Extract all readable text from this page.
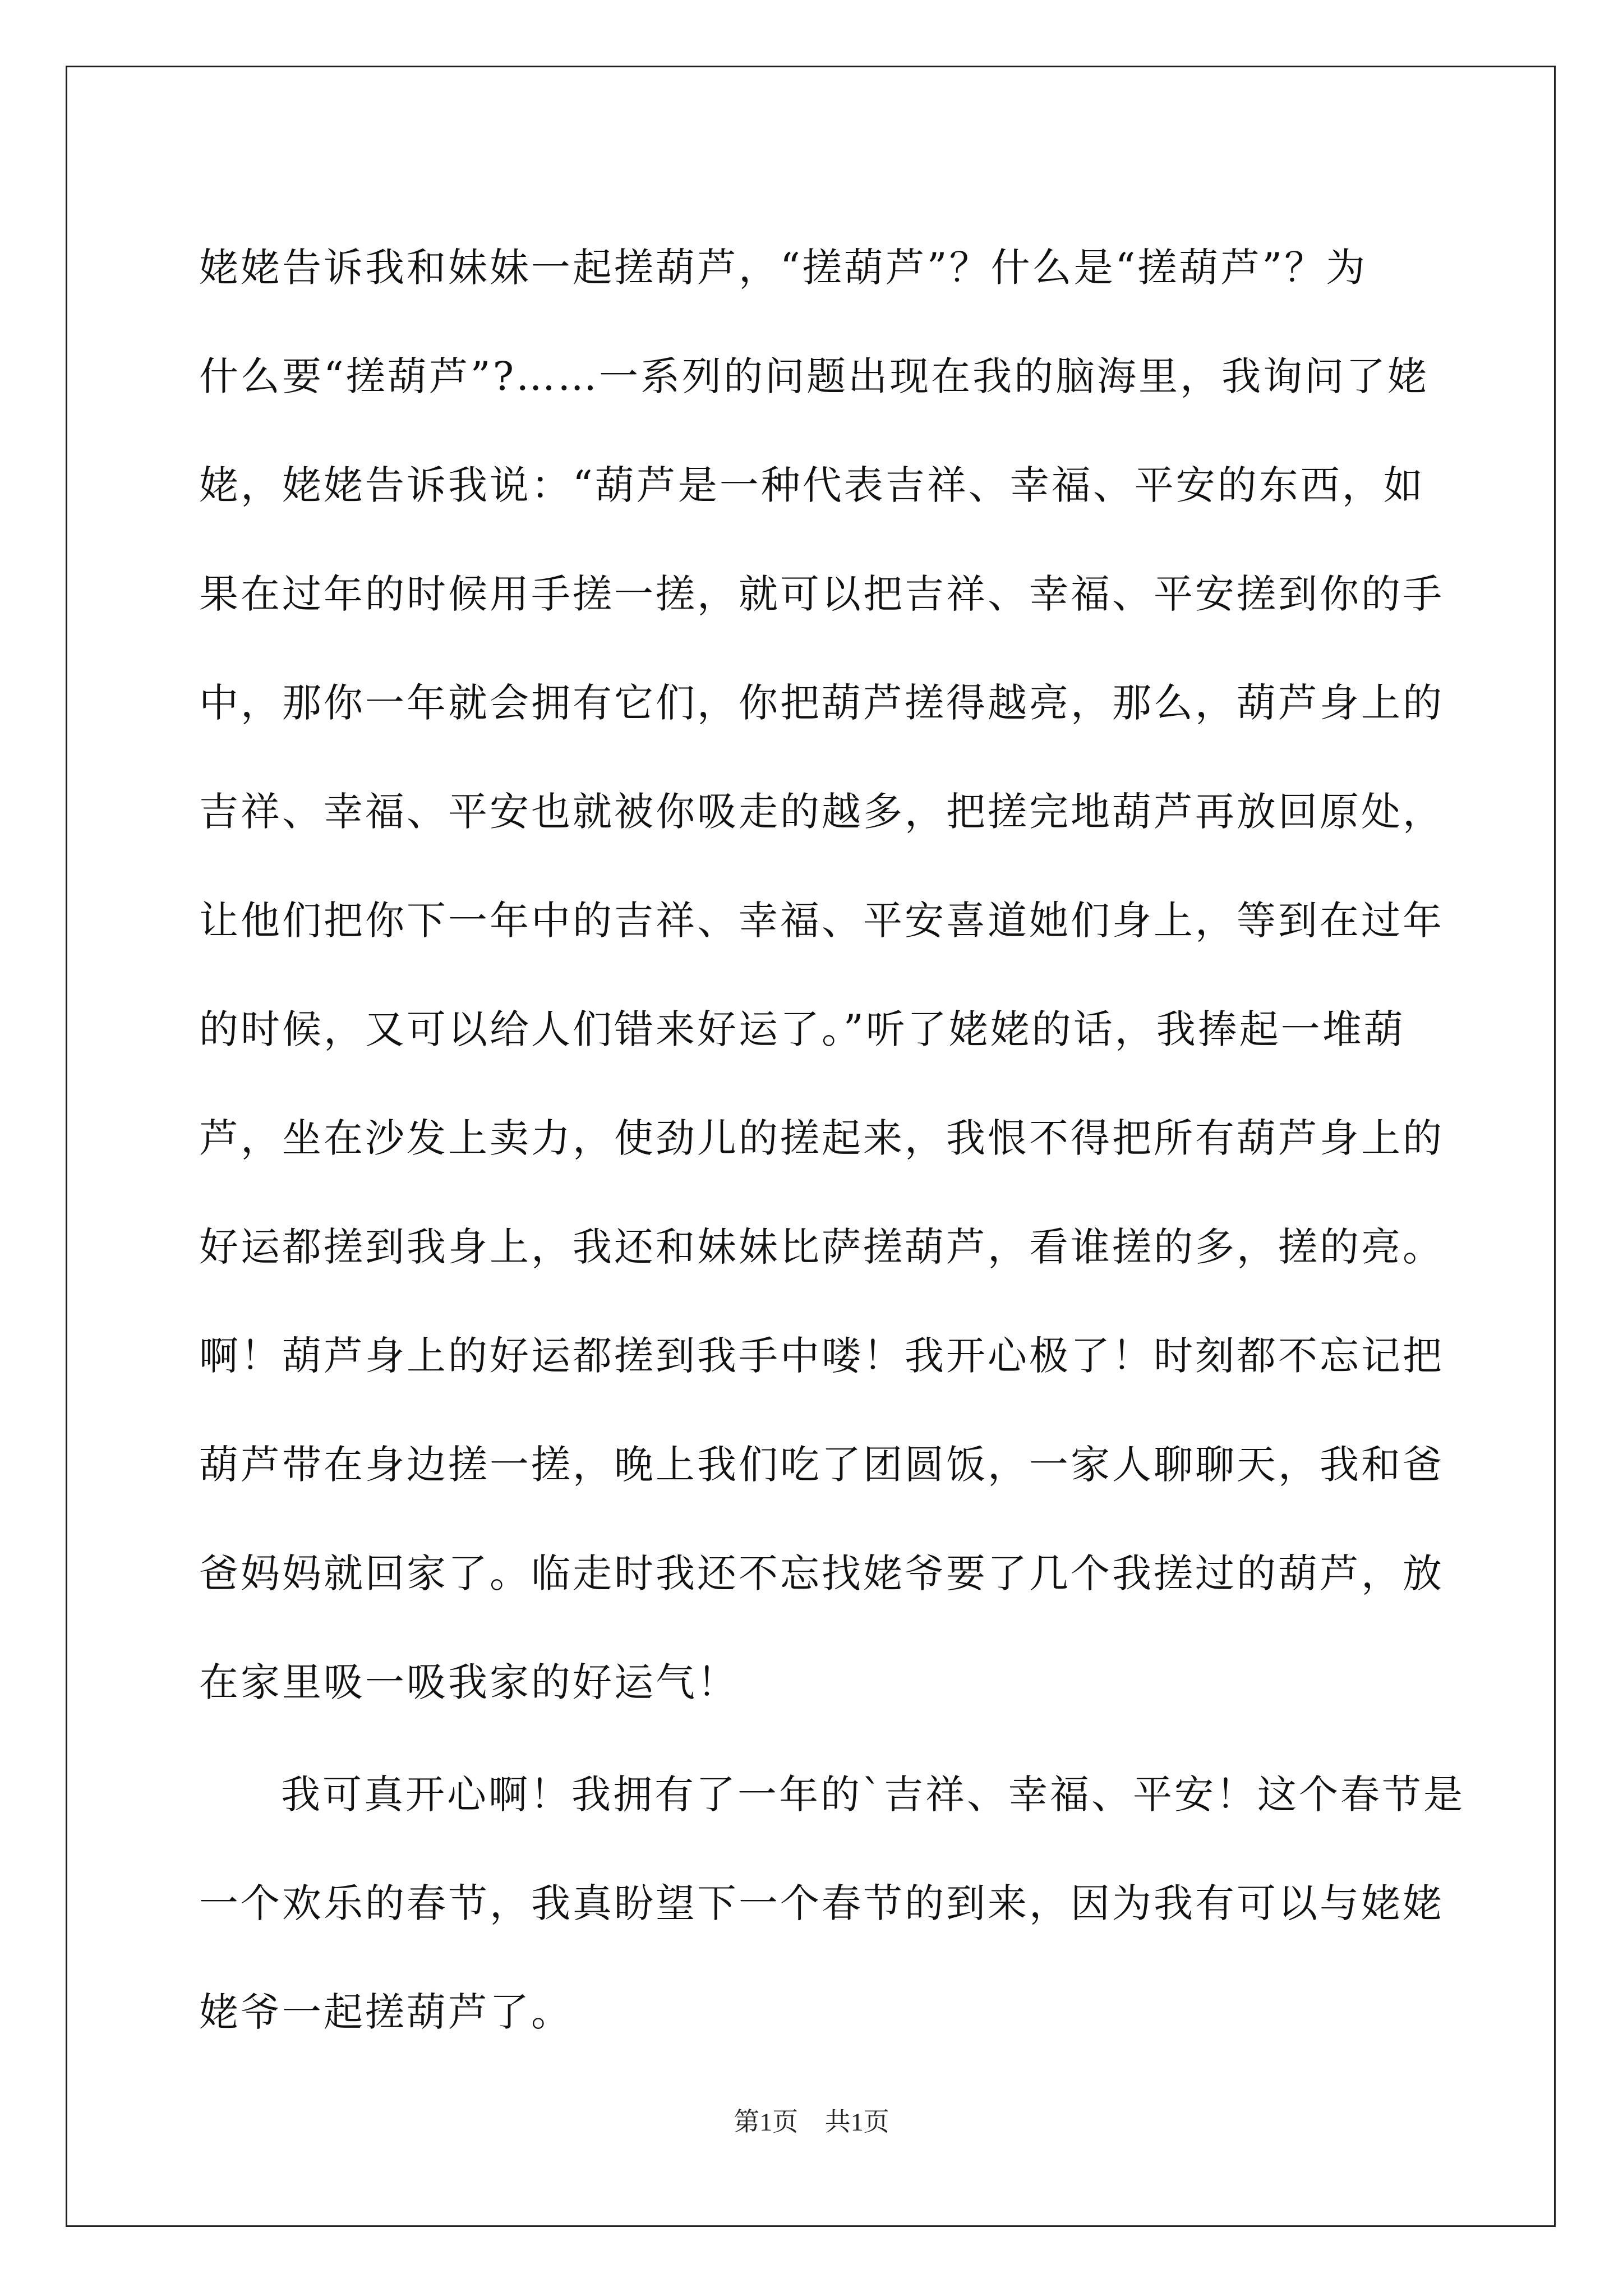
姥姥告诉我和妹妹一起搓葫芦，“搓葫芦”？什么是“搓葫芦”？为
什么要“搓葫芦”?……一系列的问题出现在我的脑海里，我询问了姥
姥，姥姥告诉我说：“葫芦是一种代表吉祥、幸福、平安的东西，如
果在过年的时候用手搓一搓，就可以把吉祥、幸福、平安搓到你的手
中，那你一年就会拥有它们，你把葫芦搓得越亮，那么，葫芦身上的
吉祥、幸福、平安也就被你吸走的越多，把搓完地葫芦再放回原处，
让他们把你下一年中的吉祥、幸福、平安喜道她们身上，等到在过年
的时候，又可以给人们错来好运了。”听了姥姥的话，我捧起一堆葫
芦，坐在沙发上卖力，使劲儿的搓起来，我恨不得把所有葫芦身上的
好运都搓到我身上，我还和妹妹比萨搓葫芦，看谁搓的多，搓的亮。
啊！葫芦身上的好运都搓到我手中喽！我开心极了！时刻都不忘记把
葫芦带在身边搓一搓，晚上我们吃了团圆饭，一家人聊聊天，我和爸
爸妈妈就回家了。临走时我还不忘找姥爷要了几个我搓过的葫芦，放
在家里吸一吸我家的好运气！

我可真开心啊！我拥有了一年的`吉祥、幸福、平安！这个春节是
一个欢乐的春节，我真盼望下一个春节的到来，因为我有可以与姥姥
姥爷一起搓葫芦了。

第1页 共1页
